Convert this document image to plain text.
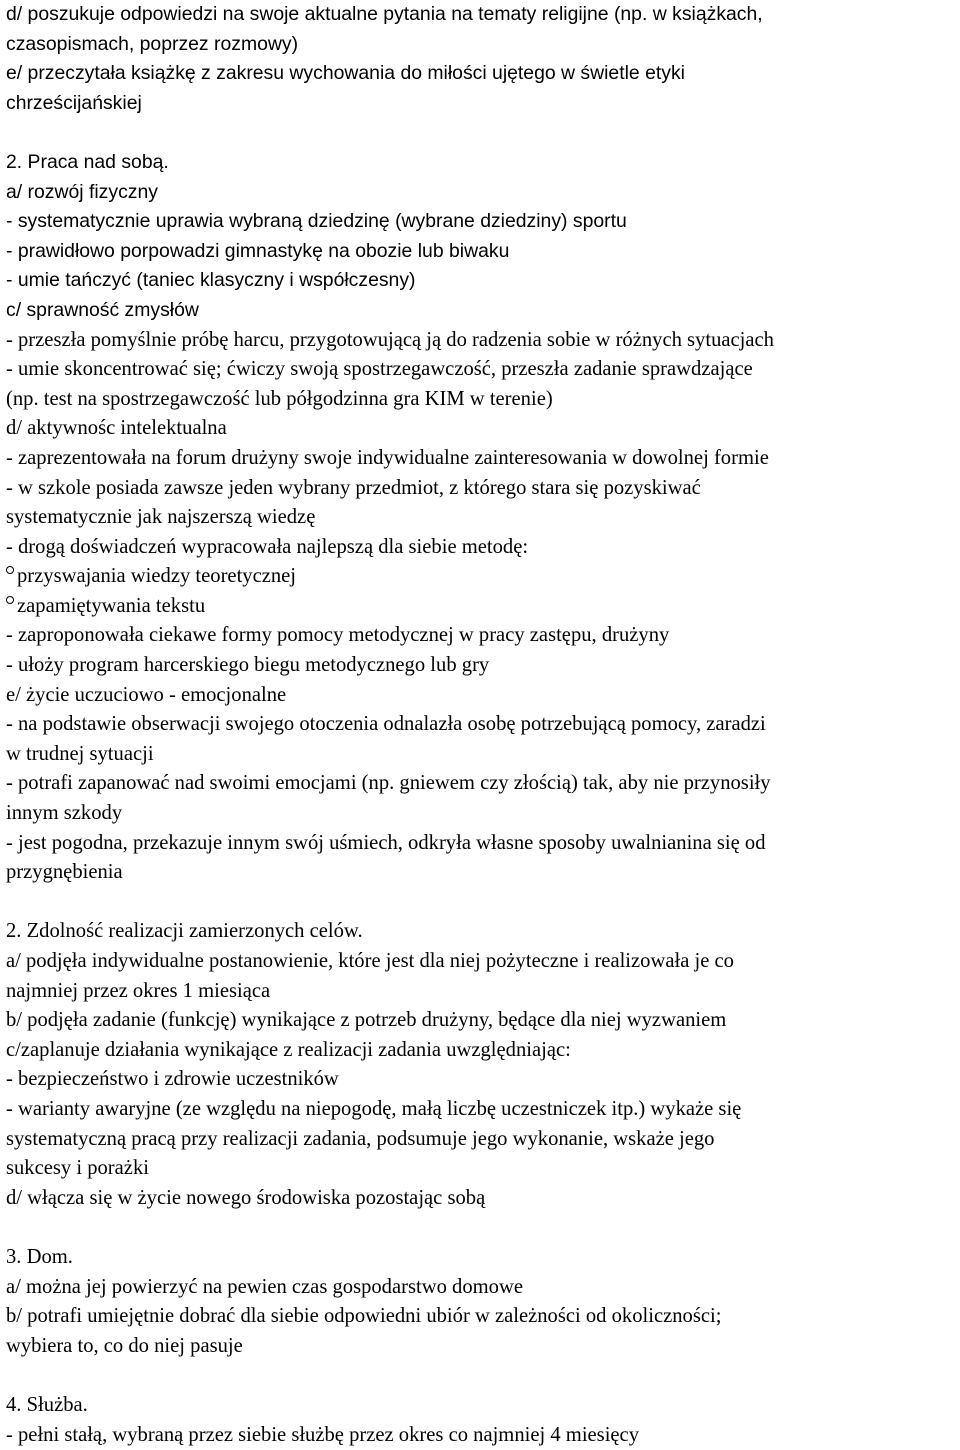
d/ poszukuje odpowiedzi na swoje aktualne pytania na tematy religijne (np. w książkach,
czasopismach, poprzez rozmowy)
e/ przeczytała książkę z zakresu wychowania do miłości ujętego w świetle etyki
chrześcijańskiej
2. Praca nad sobą.
a/ rozwój fizyczny
- systematycznie uprawia wybraną dziedzinę (wybrane dziedziny) sportu
- prawidłowo porpowadzi gimnastykę na obozie lub biwaku
- umie tańczyć (taniec klasyczny i współczesny)
c/ sprawność zmysłów
- przeszła pomyślnie próbę harcu, przygotowującą ją do radzenia sobie w różnych sytuacjach
- umie skoncentrować się; ćwiczy swoją spostrzegawczość, przeszła zadanie sprawdzające
(np. test na spostrzegawczość lub półgodzinna gra KIM w terenie)
d/ aktywnośc intelektualna
- zaprezentowała na forum drużyny swoje indywidualne zainteresowania w dowolnej formie
- w szkole posiada zawsze jeden wybrany przedmiot, z którego stara się pozyskiwać
systematycznie jak najszerszą wiedzę
- drogą doświadczeń wypracowała najlepszą dla siebie metodę:
przyswajania wiedzy teoretycznej
zapamiętywania tekstu
- zaproponowała ciekawe formy pomocy metodycznej w pracy zastępu, drużyny
- ułoży program harcerskiego biegu metodycznego lub gry
e/ życie uczuciowo - emocjonalne
- na podstawie obserwacji swojego otoczenia odnalazła osobę potrzebującą pomocy, zaradzi
w trudnej sytuacji
- potrafi zapanować nad swoimi emocjami (np. gniewem czy złością) tak, aby nie przynosiły
innym szkody
- jest pogodna, przekazuje innym swój uśmiech, odkryła własne sposoby uwalnianina się od
przygnębienia
2. Zdolność realizacji zamierzonych celów.
a/ podjęła indywidualne postanowienie, które jest dla niej pożyteczne i realizowała je co
najmniej przez okres 1 miesiąca
b/ podjęła zadanie (funkcję) wynikające z potrzeb drużyny, będące dla niej wyzwaniem
c/zaplanuje działania wynikające z realizacji zadania uwzględniając:
- bezpieczeństwo i zdrowie uczestników
- warianty awaryjne (ze względu na niepogodę, małą liczbę uczestniczek itp.) wykaże się
systematyczną pracą przy realizacji zadania, podsumuje jego wykonanie, wskaże jego
sukcesy i porażki
d/ włącza się w życie nowego środowiska pozostając sobą
3. Dom.
a/ można jej powierzyć na pewien czas gospodarstwo domowe
b/ potrafi umiejętnie dobrać dla siebie odpowiedni ubiór w zależności od okoliczności;
wybiera to, co do niej pasuje
4. Służba.
- pełni stałą, wybraną przez siebie służbę przez okres co najmniej 4 miesięcy
